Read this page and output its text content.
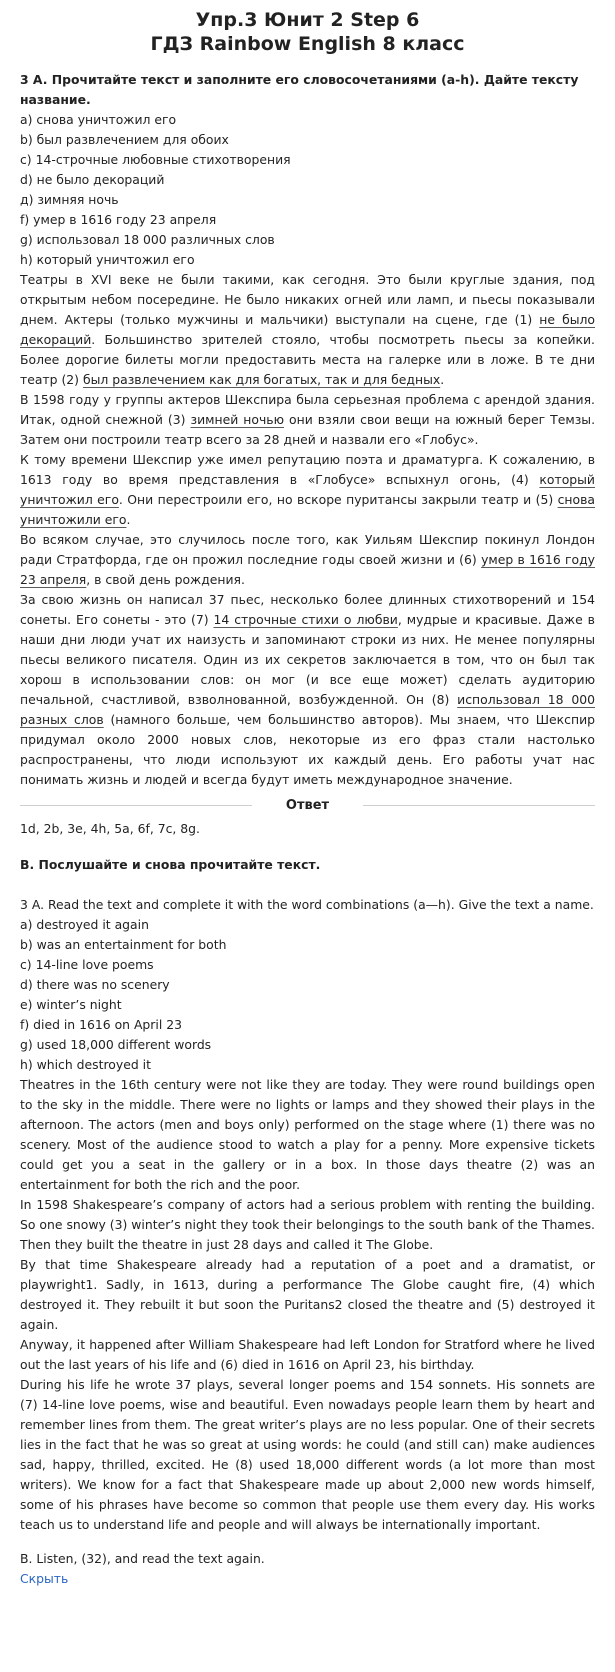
Упр.3 Юнит 2 Step 6
ГДЗ Rainbow English 8 класс

3 A. Прочитайте текст и заполните его словосочетаниями (a-h). Дайте тексту название.

a) снова уничтожил его

b) был развлечением для обоих

c) 14-строчные любовные стихотворения

d) не было декораций

д) зимняя ночь

f) умер в 1616 году 23 апреля

g) использовал 18 000 различных слов

h) который уничтожил его

Театры в XVI веке не были такими, как сегодня. Это были круглые здания, под открытым небом посередине. Не было никаких огней или ламп, и пьесы показывали днем. Актеры (только мужчины и мальчики) выступали на сцене, где (1) не было декораций. Большинство зрителей стояло, чтобы посмотреть пьесы за копейки. Более дорогие билеты могли предоставить места на галерке или в ложе. В те дни театр (2) был развлечением как для богатых, так и для бедных.

В 1598 году у группы актеров Шекспира была серьезная проблема с арендой здания. Итак, одной снежной (3) зимней ночью они взяли свои вещи на южный берег Темзы. Затем они построили театр всего за 28 дней и назвали его «Глобус».

К тому времени Шекспир уже имел репутацию поэта и драматурга. К сожалению, в 1613 году во время представления в «Глобусе» вспыхнул огонь, (4) который уничтожил его. Они перестроили его, но вскоре пуритансы закрыли театр и (5) снова уничтожили его.

Во всяком случае, это случилось после того, как Уильям Шекспир покинул Лондон ради Стратфорда, где он прожил последние годы своей жизни и (6) умер в 1616 году 23 апреля, в свой день рождения.

За свою жизнь он написал 37 пьес, несколько более длинных стихотворений и 154 сонеты. Его сонеты - это (7) 14 строчные стихи о любви, мудрые и красивые. Даже в наши дни люди учат их наизусть и запоминают строки из них. Не менее популярны пьесы великого писателя. Один из их секретов заключается в том, что он был так хорош в использовании слов: он мог (и все еще может) сделать аудиторию печальной, счастливой, взволнованной, возбужденной. Он (8) использовал 18 000 разных слов (намного больше, чем большинство авторов). Мы знаем, что Шекспир придумал около 2000 новых слов, некоторые из его фраз стали настолько распространены, что люди используют их каждый день. Его работы учат нас понимать жизнь и людей и всегда будут иметь международное значение.

Ответ

1d, 2b, 3e, 4h, 5a, 6f, 7c, 8g.

B. Послушайте и снова прочитайте текст.

3 A. Read the text and complete it with the word combinations (a—h). Give the text a name.

a) destroyed it again

b) was an entertainment for both

c) 14-line love poems

d) there was no scenery

e) winter’s night

f) died in 1616 on April 23

g) used 18,000 different words

h) which destroyed it

Theatres in the 16th century were not like they are today. They were round buildings open to the sky in the middle. There were no lights or lamps and they showed their plays in the afternoon. The actors (men and boys only) performed on the stage where (1) there was no scenery. Most of the audience stood to watch a play for a penny. More expensive tickets could get you a seat in the gallery or in a box. In those days theatre (2) was an entertainment for both the rich and the poor.

In 1598 Shakespeare’s company of actors had a serious problem with renting the building. So one snowy (3) winter’s night they took their belongings to the south bank of the Thames. Then they built the theatre in just 28 days and called it The Globe.

By that time Shakespeare already had a reputation of a poet and a dramatist, or playwright1. Sadly, in 1613, during a performance The Globe caught fire, (4) which destroyed it. They rebuilt it but soon the Puritans2 closed the theatre and (5) destroyed it again.

Anyway, it happened after William Shakespeare had left London for Stratford where he lived out the last years of his life and (6) died in 1616 on April 23, his birthday.

During his life he wrote 37 plays, several longer poems and 154 sonnets. His sonnets are (7) 14-line love poems, wise and beautiful. Even nowadays people learn them by heart and remember lines from them. The great writer’s plays are no less popular. One of their secrets lies in the fact that he was so great at using words: he could (and still can) make audiences sad, happy, thrilled, excited. He (8) used 18,000 different words (a lot more than most writers). We know for a fact that Shakespeare made up about 2,000 new words himself, some of his phrases have become so common that people use them every day. His works teach us to understand life and people and will always be internationally important.

B. Listen, (32), and read the text again.

Скрыть
